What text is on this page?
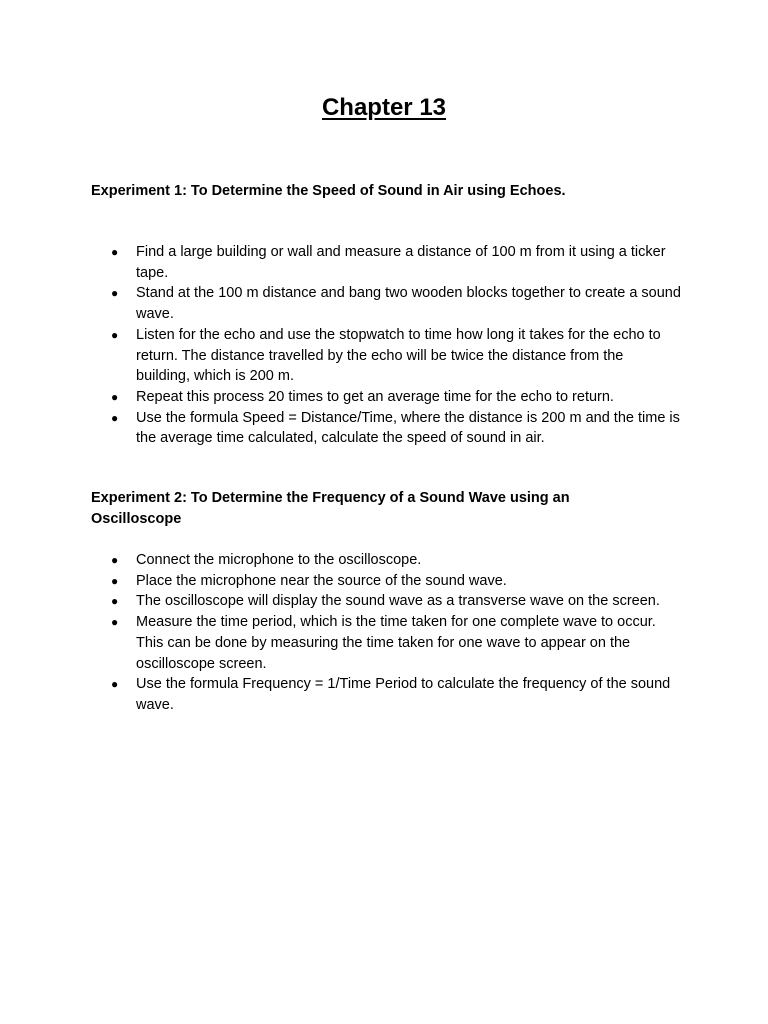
Chapter 13
Experiment 1: To Determine the Speed of Sound in Air using Echoes.
●	Find a large building or wall and measure a distance of 100 m from it using a ticker tape.
●	Stand at the 100 m distance and bang two wooden blocks together to create a sound wave.
●	Listen for the echo and use the stopwatch to time how long it takes for the echo to return. The distance travelled by the echo will be twice the distance from the building, which is 200 m.
●	Repeat this process 20 times to get an average time for the echo to return.
●	Use the formula Speed = Distance/Time, where the distance is 200 m and the time is the average time calculated, calculate the speed of sound in air.
Experiment 2: To Determine the Frequency of a Sound Wave using an Oscilloscope
●	Connect the microphone to the oscilloscope.
●	Place the microphone near the source of the sound wave.
●	The oscilloscope will display the sound wave as a transverse wave on the screen.
●	Measure the time period, which is the time taken for one complete wave to occur. This can be done by measuring the time taken for one wave to appear on the oscilloscope screen.
●	Use the formula Frequency = 1/Time Period to calculate the frequency of the sound wave.
